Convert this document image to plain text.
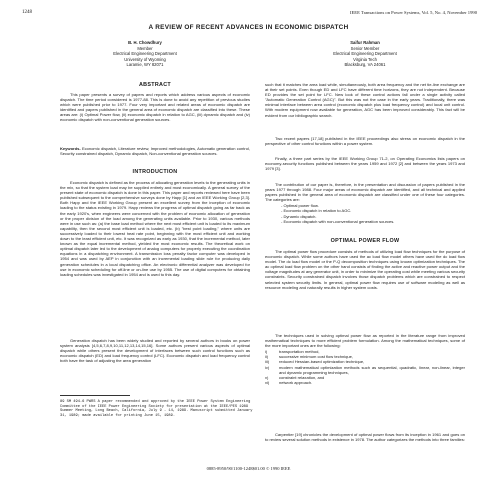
1248	IEEE Transactions on Power Systems, Vol. 5, No. 4, November 1990
A REVIEW OF RECENT ADVANCES IN ECONOMIC DISPATCH
B. H. Chowdhury
Member
Electrical Engineering Department
University of Wyoming
Laramie, WY 82071
Saifur Rahman
Senior Member
Electrical Engineering Department
Virginia Tech
Blacksburg, VA 24061
ABSTRACT

This paper presents a survey of papers and reports which address various aspects of economic dispatch. The time period considered is 1977-88. This is done to avoid any repetition of previous studies which were published prior to 1977. Four very important and related areas of economic dispatch are identified and papers published in the general area of economic dispatch are classified into these. These areas are: (i) Optimal Power flow, (ii) economic dispatch in relation to AGC, (iii) dynamic dispatch and (iv) economic dispatch with non-conventional generation sources.

Keywords- Economic dispatch, Literature review, Improved methodologies, Automatic generation control, Security constrained dispatch, Dynamic dispatch, Non-conventional generation sources.
INTRODUCTION

Economic dispatch is defined as the process of allocating generation levels to the generating units in the mix, so that the system load may be supplied entirely and most economically. A general survey of the present state of economic dispatch is done in this paper. This paper and reports reviewed here have been published subsequent to the comprehensive surveys done by Happ [1] and an IEEE Working Group [2,3]. Both Happ and the IEEE Working Group present an excellent survey from the inception of economic loading to the status existing in 1979. Happ reviews the progress of optimal dispatch going as far back as the early 1920's, when engineers were concerned with the problem of economic allocation of generation or the proper division of the load among the generating units available. Prior to 1930, various methods were in use such as: (a) the base load method where the next most efficient unit is loaded to its maximum capability, then the second most efficient unit is loaded, etc. (b) "best point loading," where units are successively loaded to their lowest heat rate point, beginning with the most efficient unit and working down to the least efficient unit, etc. It was recognized as early as 1930, that the incremental method, later known as the equal incremental method, yielded the most economic results. The theoretical work on optimal dispatch later led to the development of analog computers for properly executing the coordination equations in a dispatching environment. A transmission loss penalty factor computer was developed in 1954 and was used by AEP in conjunction with an incremental loading slide rule for producing daily generation schedules in a local dispatching office. An electronic differential analyzer was developed for use in economic scheduling for off-line or on-line use by 1955. The use of digital computers for obtaining loading schedules was investigated in 1954 and is used to this day.

Generation dispatch has been widely studied and reported by several authors in books on power system analysis [4,5,6,7,8,9,10,11,12,13,14,15,16]. Some authors present various aspects of optimal dispatch while others present the development of interfaces between such control functions such as economic dispatch (ED) and load frequency control (LFC). Economic dispatch and load frequency control both have the task of adjusting the area generation

89 SM 494-6 PWRS A paper recommended and approved by the IEEE Power System Engineering Committee of the IEEE Power Engineering Society for presentation at the IEEE/PES 1989 Summer Meeting, Long Beach, California, July 9 - 14, 1989. Manuscript submitted January 31, 1989; made available for printing June 15, 1989.

such that it matches the area load while, simultaneously, both area frequency and the net tie-line exchange are at their set points. Even though ED and LFC have different time horizons, they are not independent. Because ED provides the set point for LFC. New look of these control actions fall under a single activity called "Automatic Generation Control (AGC)". But this was not the case in the early years. Traditionally, there was minimal interface between area control (economic dispatch plus load frequency control) and local unit control. With modern equipment now available for generation, AGC has been improved considerably. This fact will be evident from our bibliographic search.

Two recent papers [17,18] published in the IEEE proceedings also stress on economic dispatch in the perspective of other control functions within a power system.

Finally, a three part series by the IEEE Working Group 71-2, on Operating Economics lists papers on economy-security functions published between the years 1959 and 1972 [2] and between the years 1973 and 1979 [3].

The contribution of our paper is, therefore, in the presentation and discussion of papers published in the years 1977 through 1988. Four major areas of economic dispatch are identified, and all technical and applied papers published in the general area of economic dispatch are classified under one of these four categories. The categories are:

- Optimal power flow.
- Economic dispatch in relation to AGC.
- Dynamic dispatch.
- Economic dispatch with non-conventional generation sources.
OPTIMAL POWER FLOW

The optimal power flow procedure consists of methods of utilizing load flow techniques for the purpose of economic dispatch. While some authors have used the ac load flow model others have used the dc load flow model. The dc load flow model or the P-Q decomposition techniques using known optimization techniques. The ac optimal load flow problem on the other hand consists of finding the active and reactive power output and the voltage magnitudes at any generator unit, in order to minimize the operating cost while meeting various security constraints. Security constrained dispatch involves those dispatch problems which are constrained to respect selected system security limits. In general, optimal power flow requires use of software modeling as well as resource modeling and naturally results in higher system costs.

The techniques used in solving optimal power flow as reported in the literature range from improved mathematical techniques to more efficient problem formulation. Among the mathematical techniques, some of the more important ones are the following:

i)	transportation method,
ii)	successive minimum cost flow technique,
iii)	reduced Hessian-based optimization technique,
iv)	modern mathematical optimization methods such as sequential, quadratic, linear, non-linear, integer and dynamic programming techniques,
v)	constraint relaxation, and
vi)	network approach.

Carpentier [19] chronicles the development of optimal power flows from its inception in 1961 and goes on to review several solution methods in existence in 1978. The author categorizes the methods into three families:

0885-8950/90/1100-1248$01.00 © 1990 IEEE
